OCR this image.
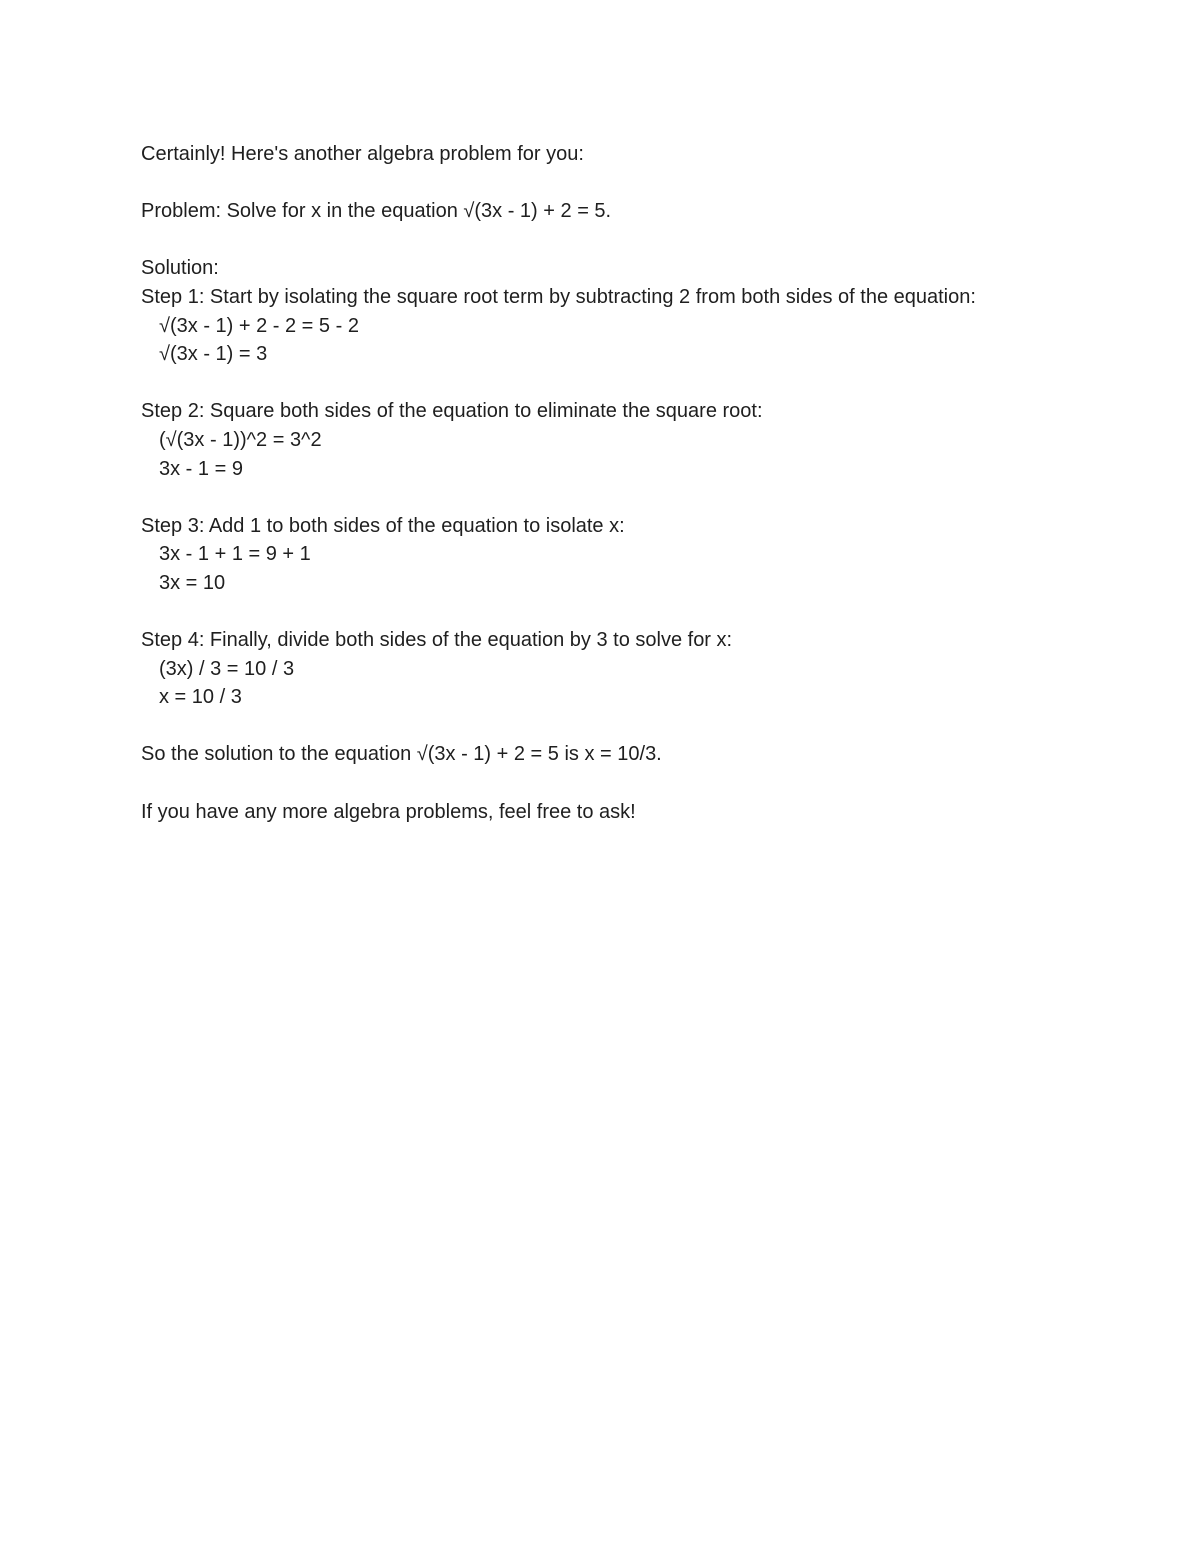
Certainly! Here's another algebra problem for you:
Problem: Solve for x in the equation √(3x - 1) + 2 = 5.
Solution:
Step 1: Start by isolating the square root term by subtracting 2 from both sides of the equation:
√(3x - 1) + 2 - 2 = 5 - 2
√(3x - 1) = 3
Step 2: Square both sides of the equation to eliminate the square root:
(√(3x - 1))^2 = 3^2
3x - 1 = 9
Step 3: Add 1 to both sides of the equation to isolate x:
3x - 1 + 1 = 9 + 1
3x = 10
Step 4: Finally, divide both sides of the equation by 3 to solve for x:
(3x) / 3 = 10 / 3
x = 10 / 3
So the solution to the equation √(3x - 1) + 2 = 5 is x = 10/3.
If you have any more algebra problems, feel free to ask!
